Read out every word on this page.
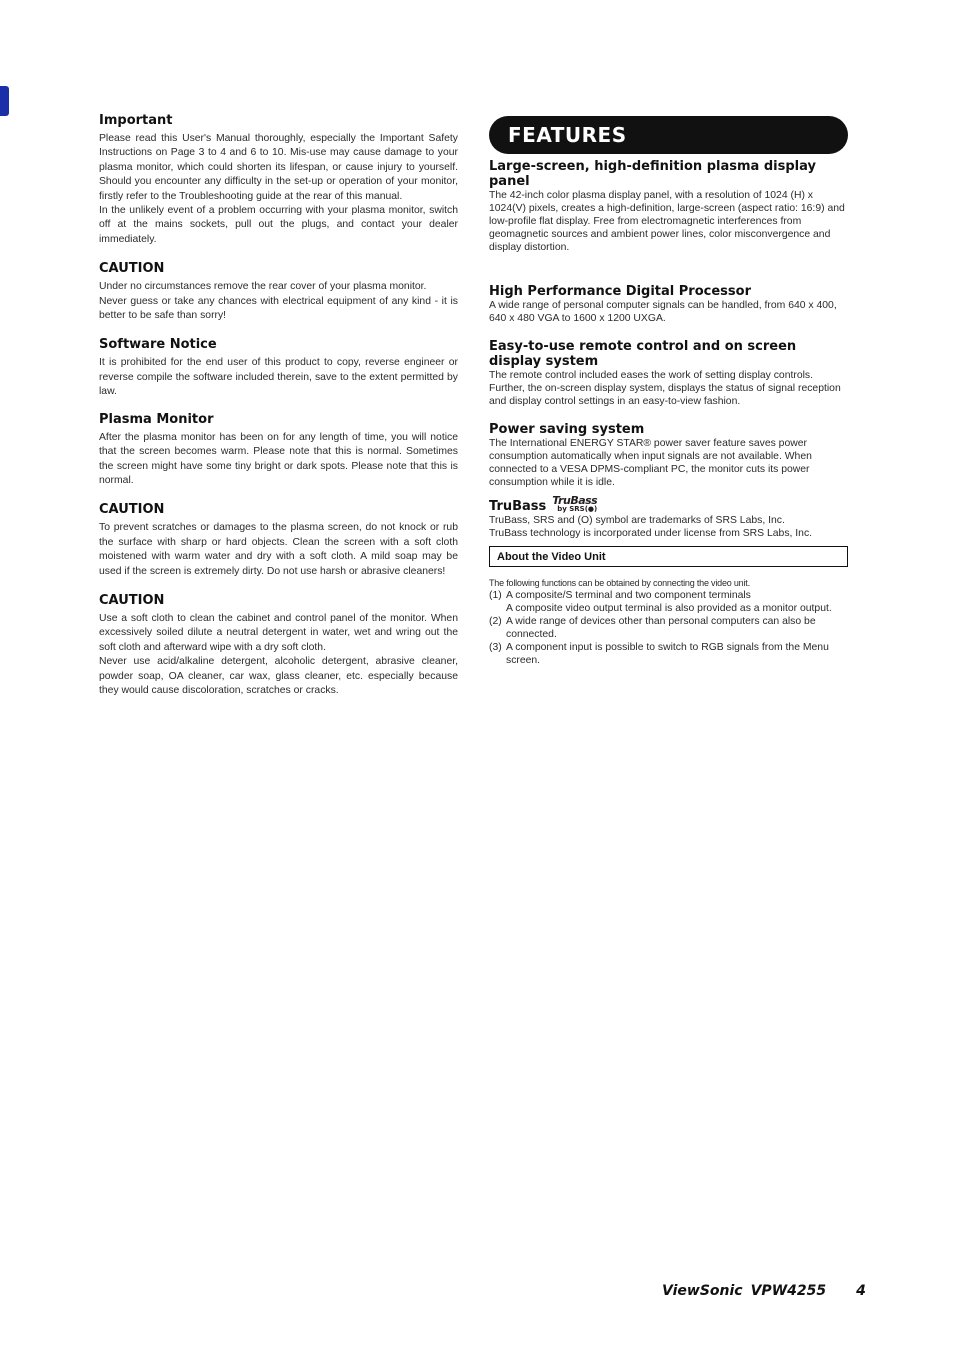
Important

Please read this User's Manual thoroughly, especially the Important Safety Instructions on Page 3 to 4 and 6 to 10. Mis-use may cause damage to your plasma monitor, which could shorten its lifespan, or cause injury to yourself. Should you encounter any difficulty in the set-up or operation of your monitor, firstly refer to the Troubleshooting guide at the rear of this manual.

In the unlikely event of a problem occurring with your plasma monitor, switch off at the mains sockets, pull out the plugs, and contact your dealer immediately.

CAUTION

Under no circumstances remove the rear cover of your plasma monitor.

Never guess or take any chances with electrical equipment of any kind - it is better to be safe than sorry!

Software Notice

It is prohibited for the end user of this product to copy, reverse engineer or reverse compile the software included therein, save to the extent permitted by law.

Plasma Monitor

After the plasma monitor has been on for any length of time, you will notice that the screen becomes warm. Please note that this is normal. Sometimes the screen might have some tiny bright or dark spots. Please note that this is normal.

CAUTION

To prevent scratches or damages to the plasma screen, do not knock or rub the surface with sharp or hard objects. Clean the screen with a soft cloth moistened with warm water and dry with a soft cloth. A mild soap may be used if the screen is extremely dirty. Do not use harsh or abrasive cleaners!

CAUTION

Use a soft cloth to clean the cabinet and control panel of the monitor. When excessively soiled dilute a neutral detergent in water, wet and wring out the soft cloth and afterward wipe with a dry soft cloth.

Never use acid/alkaline detergent, alcoholic detergent, abrasive cleaner, powder soap, OA cleaner, car wax, glass cleaner, etc. especially because they would cause discoloration, scratches or cracks.

FEATURES
Large-screen, high-definition plasma display panel

The 42-inch color plasma display panel, with a resolution of 1024 (H) x 1024(V) pixels, creates a high-definition, large-screen (aspect ratio: 16:9) and low-profile flat display. Free from electromagnetic interferences from geomagnetic sources and ambient power lines, color misconvergence and display distortion.

High Performance Digital Processor

A wide range of personal computer signals can be handled, from 640 x 400, 640 x 480 VGA to 1600 x 1200 UXGA.

Easy-to-use remote control and on screen display system

The remote control included eases the work of setting display controls. Further, the on-screen display system, displays the status of signal reception and display control settings in an easy-to-view fashion.

Power saving system

The International ENERGY STAR® power saver feature saves power consumption automatically when input signals are not available. When connected to a VESA DPMS-compliant PC, the monitor cuts its power consumption while it is idle.

TruBass TruBass
by SRS(●)

TruBass, SRS and (O) symbol are trademarks of SRS Labs, Inc.

TruBass technology is incorporated under license from SRS Labs, Inc.

About the Video Unit

The following functions can be obtained by connecting the video unit.

(1) A composite/S terminal and two component terminals
A composite video output terminal is also provided as a monitor output.
(2) A wide range of devices other than personal computers can also be connected.
(3) A component input is possible to switch to RGB signals from the Menu screen.
ViewSonic VPW4255 4
